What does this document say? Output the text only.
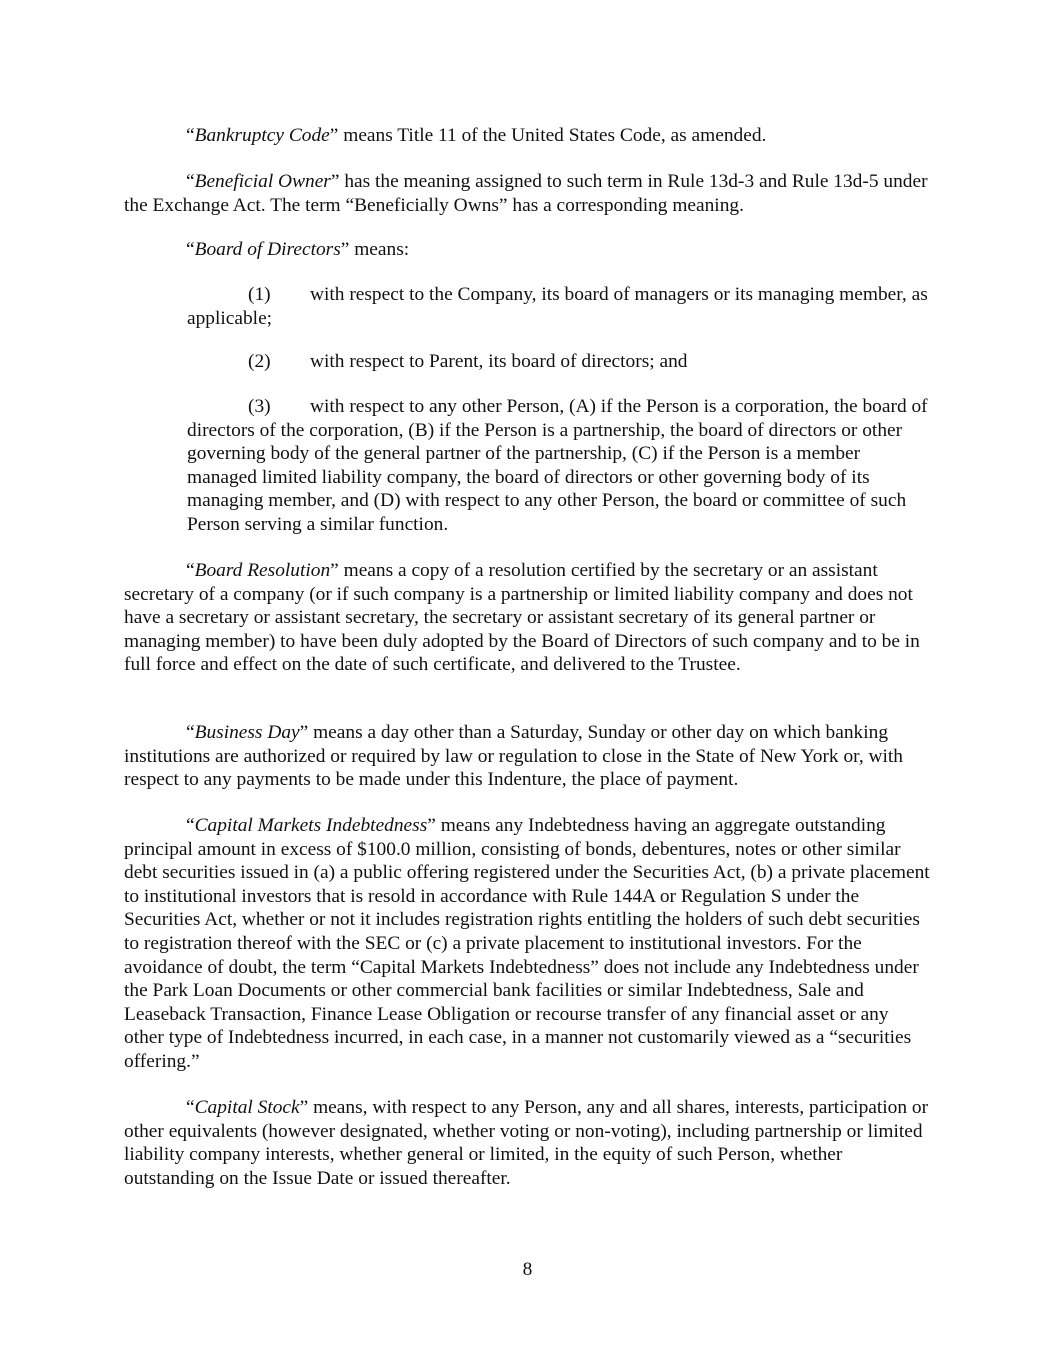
“Bankruptcy Code” means Title 11 of the United States Code, as amended.

“Beneficial Owner” has the meaning assigned to such term in Rule 13d-3 and Rule 13d-5 under the Exchange Act. The term “Beneficially Owns” has a corresponding meaning.

“Board of Directors” means:

(1) with respect to the Company, its board of managers or its managing member, as applicable;

(2) with respect to Parent, its board of directors; and

(3) with respect to any other Person, (A) if the Person is a corporation, the board of directors of the corporation, (B) if the Person is a partnership, the board of directors or other governing body of the general partner of the partnership, (C) if the Person is a member managed limited liability company, the board of directors or other governing body of its managing member, and (D) with respect to any other Person, the board or committee of such Person serving a similar function.

“Board Resolution” means a copy of a resolution certified by the secretary or an assistant secretary of a company (or if such company is a partnership or limited liability company and does not have a secretary or assistant secretary, the secretary or assistant secretary of its general partner or managing member) to have been duly adopted by the Board of Directors of such company and to be in full force and effect on the date of such certificate, and delivered to the Trustee.

“Business Day” means a day other than a Saturday, Sunday or other day on which banking institutions are authorized or required by law or regulation to close in the State of New York or, with respect to any payments to be made under this Indenture, the place of payment.

“Capital Markets Indebtedness” means any Indebtedness having an aggregate outstanding principal amount in excess of $100.0 million, consisting of bonds, debentures, notes or other similar debt securities issued in (a) a public offering registered under the Securities Act, (b) a private placement to institutional investors that is resold in accordance with Rule 144A or Regulation S under the Securities Act, whether or not it includes registration rights entitling the holders of such debt securities to registration thereof with the SEC or (c) a private placement to institutional investors. For the avoidance of doubt, the term “Capital Markets Indebtedness” does not include any Indebtedness under the Park Loan Documents or other commercial bank facilities or similar Indebtedness, Sale and Leaseback Transaction, Finance Lease Obligation or recourse transfer of any financial asset or any other type of Indebtedness incurred, in each case, in a manner not customarily viewed as a “securities offering.”

“Capital Stock” means, with respect to any Person, any and all shares, interests, participation or other equivalents (however designated, whether voting or non-voting), including partnership or limited liability company interests, whether general or limited, in the equity of such Person, whether outstanding on the Issue Date or issued thereafter.

8
